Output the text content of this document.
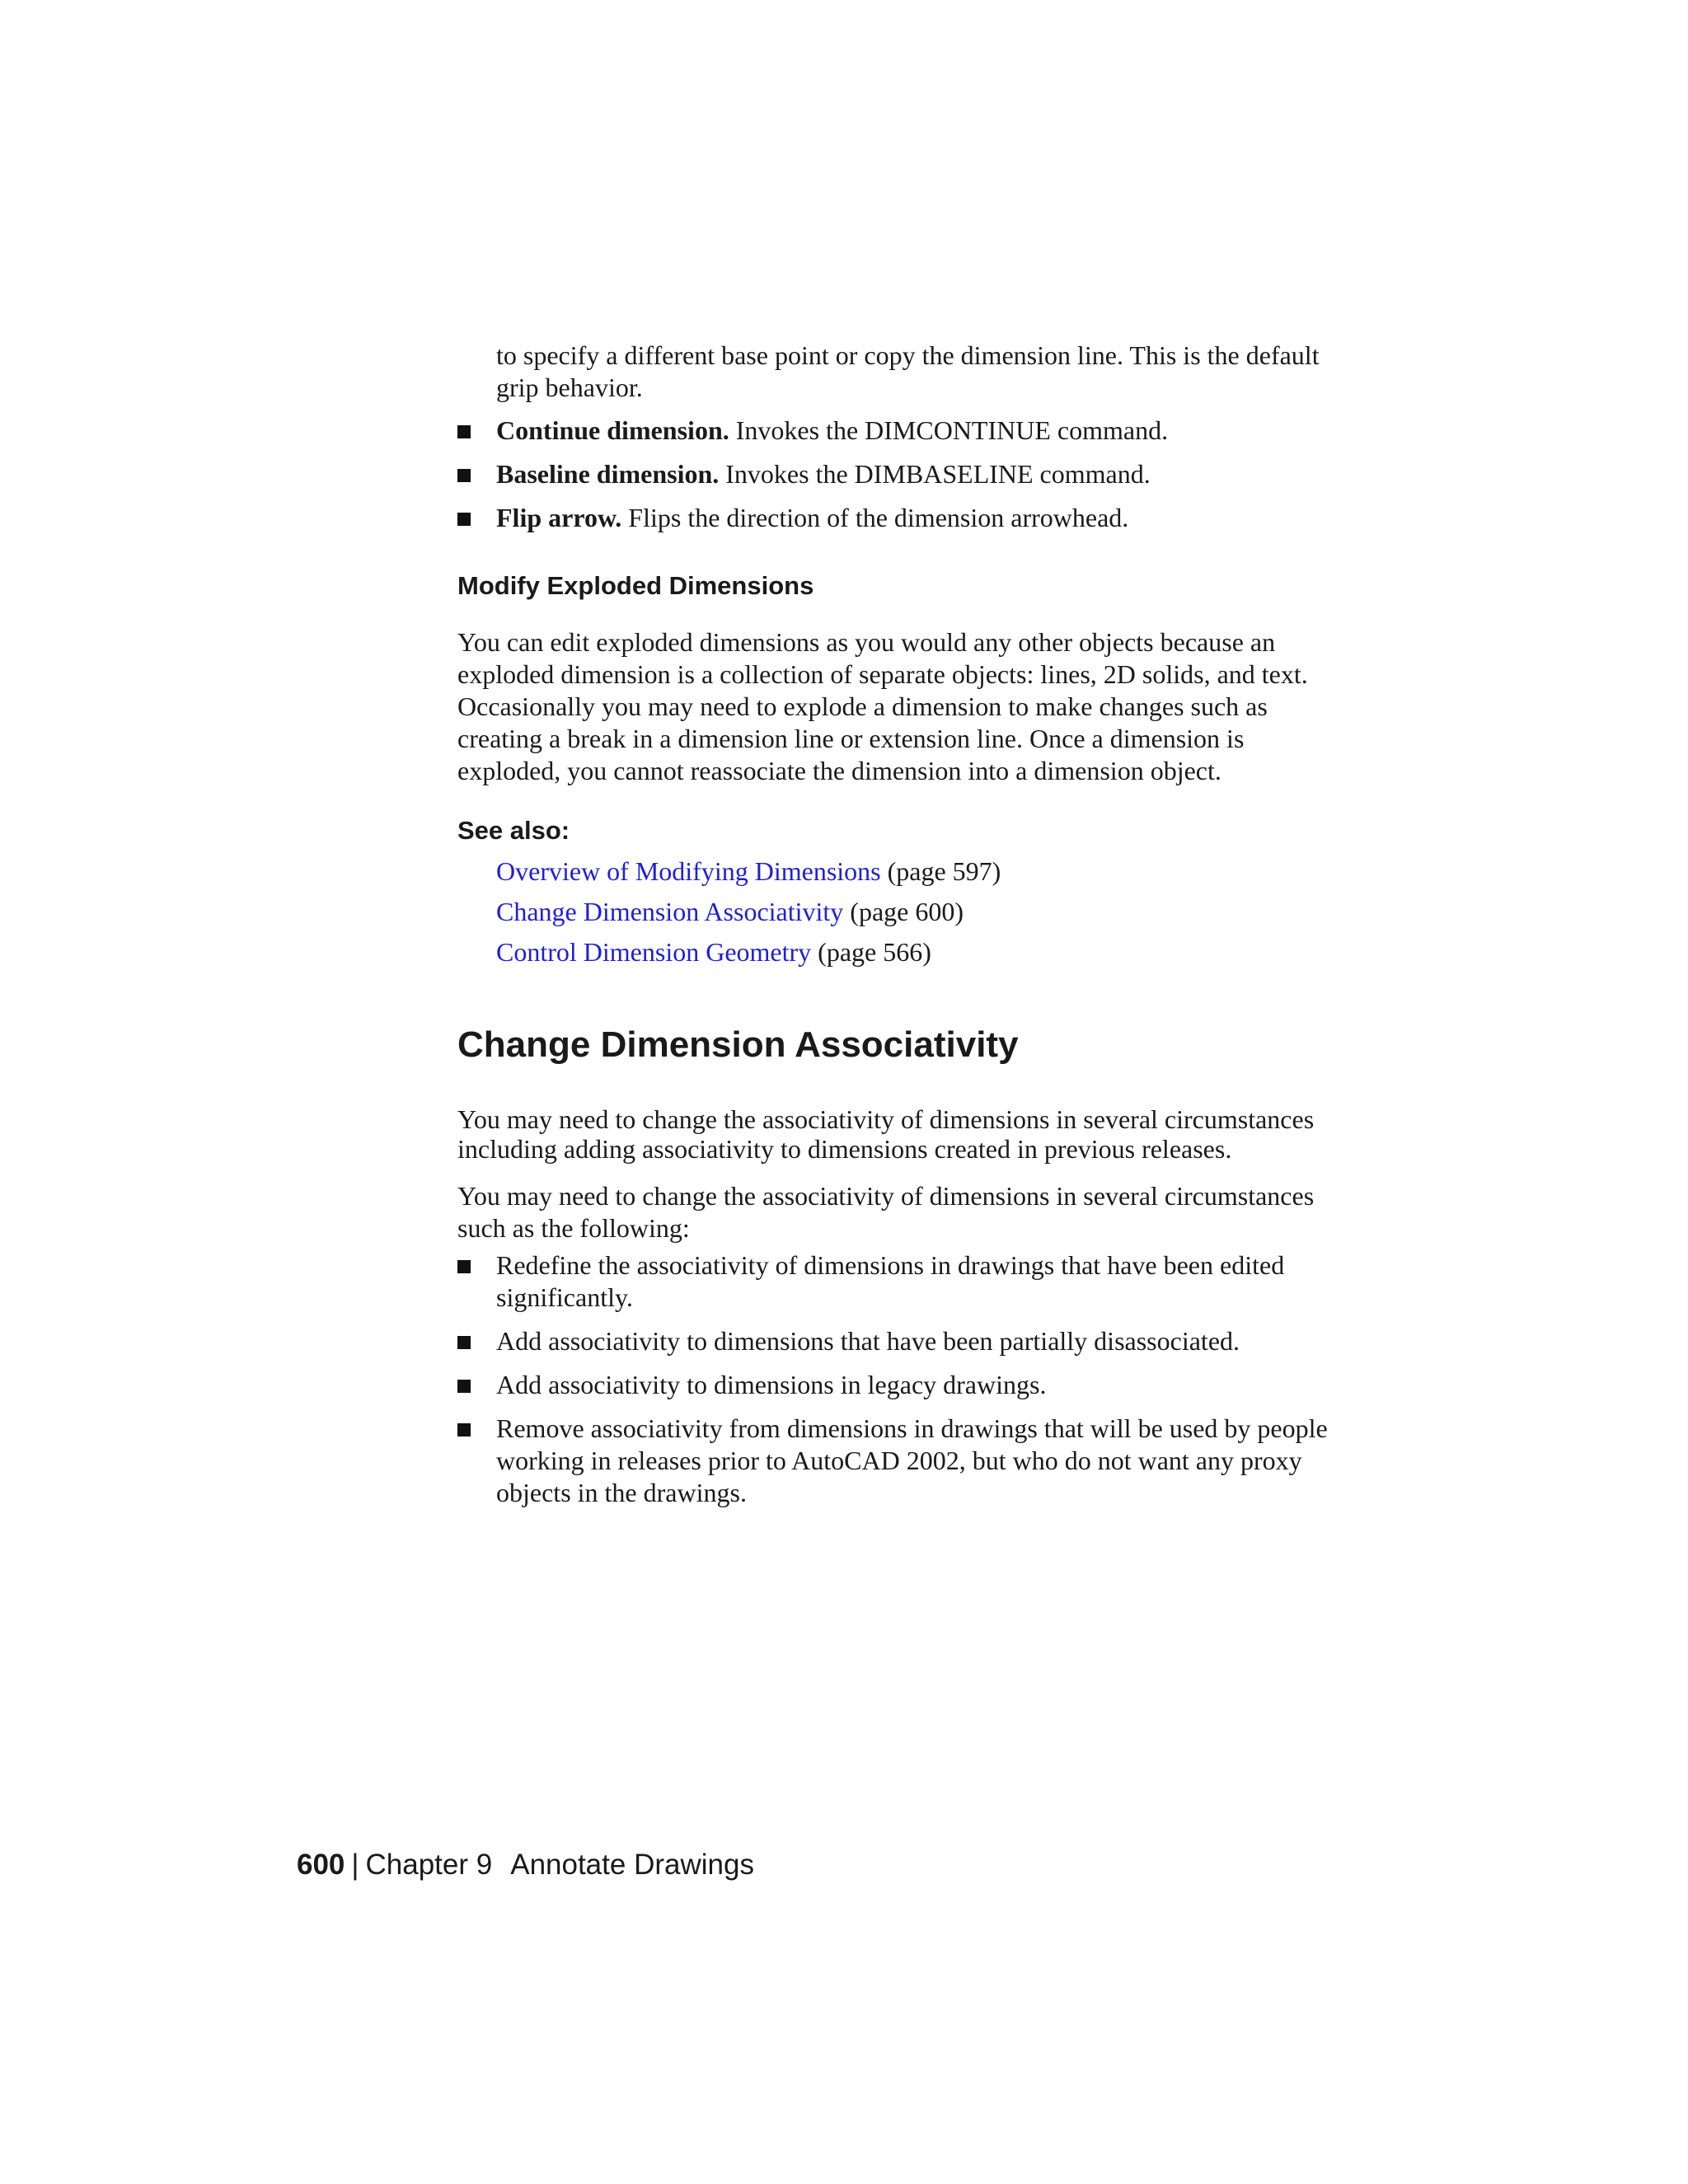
to specify a different base point or copy the dimension line. This is the default grip behavior.

Continue dimension. Invokes the DIMCONTINUE command.
Baseline dimension. Invokes the DIMBASELINE command.
Flip arrow. Flips the direction of the dimension arrowhead.
Modify Exploded Dimensions

You can edit exploded dimensions as you would any other objects because an exploded dimension is a collection of separate objects: lines, 2D solids, and text. Occasionally you may need to explode a dimension to make changes such as creating a break in a dimension line or extension line. Once a dimension is exploded, you cannot reassociate the dimension into a dimension object.

See also:
Overview of Modifying Dimensions (page 597)
Change Dimension Associativity (page 600)
Control Dimension Geometry (page 566)
Change Dimension Associativity

You may need to change the associativity of dimensions in several circumstances including adding associativity to dimensions created in previous releases.

You may need to change the associativity of dimensions in several circumstances such as the following:

Redefine the associativity of dimensions in drawings that have been edited significantly.
Add associativity to dimensions that have been partially disassociated.
Add associativity to dimensions in legacy drawings.
Remove associativity from dimensions in drawings that will be used by people working in releases prior to AutoCAD 2002, but who do not want any proxy objects in the drawings.
600 | Chapter 9 Annotate Drawings
